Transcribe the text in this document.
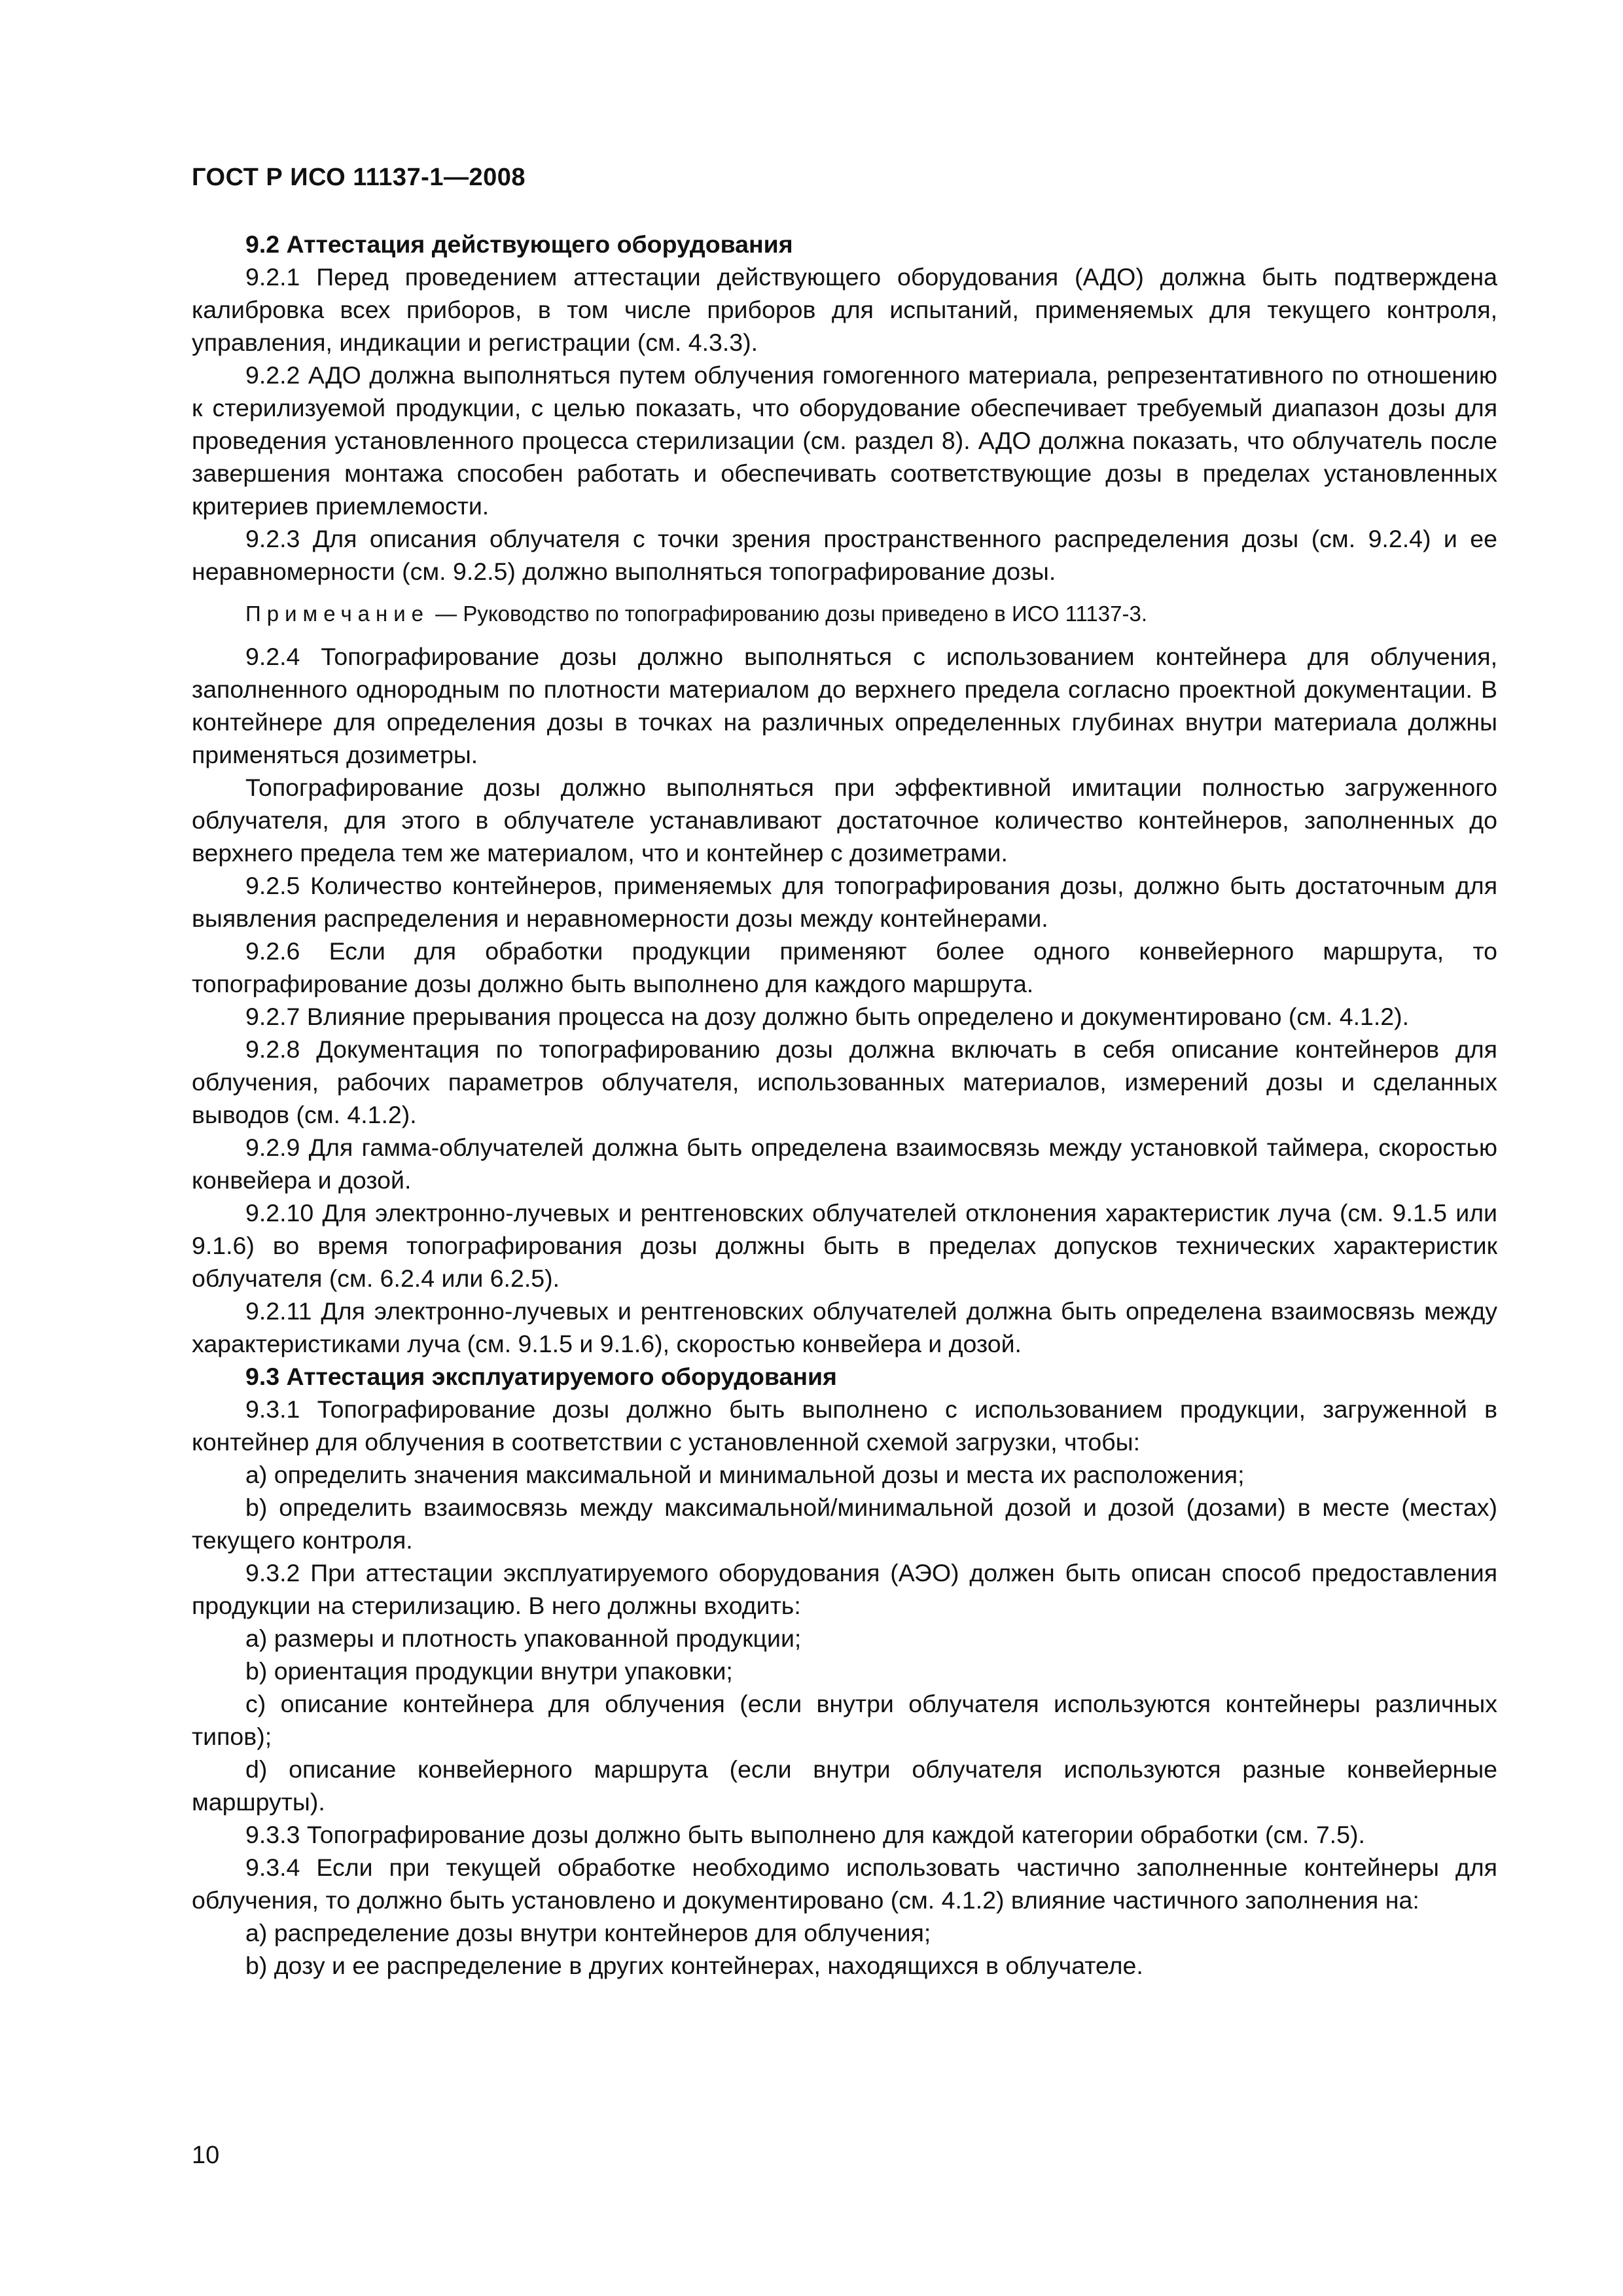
ГОСТ Р ИСО 11137-1—2008

9.2 Аттестация действующего оборудования

9.2.1 Перед проведением аттестации действующего оборудования (АДО) должна быть подтверждена калибровка всех приборов, в том числе приборов для испытаний, применяемых для текущего контроля, управления, индикации и регистрации (см. 4.3.3).

9.2.2 АДО должна выполняться путем облучения гомогенного материала, репрезентативного по отношению к стерилизуемой продукции, с целью показать, что оборудование обеспечивает требуемый диапазон дозы для проведения установленного процесса стерилизации (см. раздел 8). АДО должна показать, что облучатель после завершения монтажа способен работать и обеспечивать соответствующие дозы в пределах установленных критериев приемлемости.

9.2.3 Для описания облучателя с точки зрения пространственного распределения дозы (см. 9.2.4) и ее неравномерности (см. 9.2.5) должно выполняться топографирование дозы.

Примечание — Руководство по топографированию дозы приведено в ИСО 11137-3.

9.2.4 Топографирование дозы должно выполняться с использованием контейнера для облучения, заполненного однородным по плотности материалом до верхнего предела согласно проектной документации. В контейнере для определения дозы в точках на различных определенных глубинах внутри материала должны применяться дозиметры.

Топографирование дозы должно выполняться при эффективной имитации полностью загруженного облучателя, для этого в облучателе устанавливают достаточное количество контейнеров, заполненных до верхнего предела тем же материалом, что и контейнер с дозиметрами.

9.2.5 Количество контейнеров, применяемых для топографирования дозы, должно быть достаточным для выявления распределения и неравномерности дозы между контейнерами.

9.2.6 Если для обработки продукции применяют более одного конвейерного маршрута, то топографирование дозы должно быть выполнено для каждого маршрута.

9.2.7 Влияние прерывания процесса на дозу должно быть определено и документировано (см. 4.1.2).

9.2.8 Документация по топографированию дозы должна включать в себя описание контейнеров для облучения, рабочих параметров облучателя, использованных материалов, измерений дозы и сделанных выводов (см. 4.1.2).

9.2.9 Для гамма-облучателей должна быть определена взаимосвязь между установкой таймера, скоростью конвейера и дозой.

9.2.10 Для электронно-лучевых и рентгеновских облучателей отклонения характеристик луча (см. 9.1.5 или 9.1.6) во время топографирования дозы должны быть в пределах допусков технических характеристик облучателя (см. 6.2.4 или 6.2.5).

9.2.11 Для электронно-лучевых и рентгеновских облучателей должна быть определена взаимосвязь между характеристиками луча (см. 9.1.5 и 9.1.6), скоростью конвейера и дозой.

9.3 Аттестация эксплуатируемого оборудования

9.3.1 Топографирование дозы должно быть выполнено с использованием продукции, загруженной в контейнер для облучения в соответствии с установленной схемой загрузки, чтобы:

a) определить значения максимальной и минимальной дозы и места их расположения;

b) определить взаимосвязь между максимальной/минимальной дозой и дозой (дозами) в месте (местах) текущего контроля.

9.3.2 При аттестации эксплуатируемого оборудования (АЭО) должен быть описан способ предоставления продукции на стерилизацию. В него должны входить:

a) размеры и плотность упакованной продукции;

b) ориентация продукции внутри упаковки;

c) описание контейнера для облучения (если внутри облучателя используются контейнеры различных типов);

d) описание конвейерного маршрута (если внутри облучателя используются разные конвейерные маршруты).

9.3.3 Топографирование дозы должно быть выполнено для каждой категории обработки (см. 7.5).

9.3.4 Если при текущей обработке необходимо использовать частично заполненные контейнеры для облучения, то должно быть установлено и документировано (см. 4.1.2) влияние частичного заполнения на:

a) распределение дозы внутри контейнеров для облучения;

b) дозу и ее распределение в других контейнерах, находящихся в облучателе.

10
